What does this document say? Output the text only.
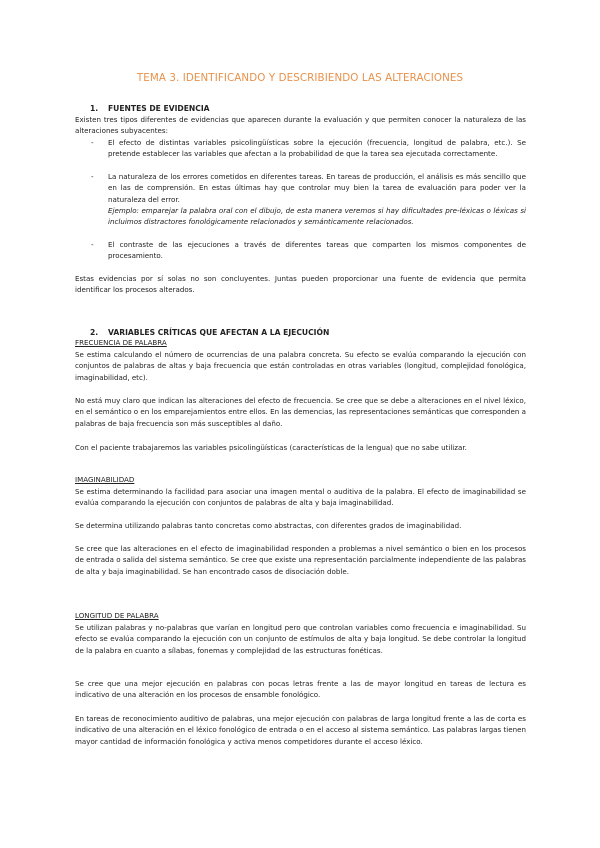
TEMA 3. IDENTIFICANDO Y DESCRIBIENDO LAS ALTERACIONES
1. FUENTES DE EVIDENCIA
Existen tres tipos diferentes de evidencias que aparecen durante la evaluación y que permiten conocer la naturaleza de las alteraciones subyacentes:
- El efecto de distintas variables psicolingüísticas sobre la ejecución (frecuencia, longitud de palabra, etc.). Se pretende establecer las variables que afectan a la probabilidad de que la tarea sea ejecutada correctamente.
- La naturaleza de los errores cometidos en diferentes tareas. En tareas de producción, el análisis es más sencillo que en las de comprensión. En estas últimas hay que controlar muy bien la tarea de evaluación para poder ver la naturaleza del error.
Ejemplo: emparejar la palabra oral con el dibujo, de esta manera veremos si hay dificultades pre-léxicas o léxicas si incluimos distractores fonológicamente relacionados y semánticamente relacionados.
- El contraste de las ejecuciones a través de diferentes tareas que comparten los mismos componentes de procesamiento.
Estas evidencias por sí solas no son concluyentes. Juntas pueden proporcionar una fuente de evidencia que permita identificar los procesos alterados.
2. VARIABLES CRÍTICAS QUE AFECTAN A LA EJECUCIÓN
FRECUENCIA DE PALABRA
Se estima calculando el número de ocurrencias de una palabra concreta. Su efecto se evalúa comparando la ejecución con conjuntos de palabras de altas y baja frecuencia que están controladas en otras variables (longitud, complejidad fonológica, imaginabilidad, etc).
No está muy claro que indican las alteraciones del efecto de frecuencia. Se cree que se debe a alteraciones en el nivel léxico, en el semántico o en los emparejamientos entre ellos. En las demencias, las representaciones semánticas que corresponden a palabras de baja frecuencia son más susceptibles al daño.
Con el paciente trabajaremos las variables psicolingüísticas (características de la lengua) que no sabe utilizar.
IMAGINABILIDAD
Se estima determinando la facilidad para asociar una imagen mental o auditiva de la palabra. El efecto de imaginabilidad se evalúa comparando la ejecución con conjuntos de palabras de alta y baja imaginabilidad.
Se determina utilizando palabras tanto concretas como abstractas, con diferentes grados de imaginabilidad.
Se cree que las alteraciones en el efecto de imaginabilidad responden a problemas a nivel semántico o bien en los procesos de entrada o salida del sistema semántico. Se cree que existe una representación parcialmente independiente de las palabras de alta y baja imaginabilidad. Se han encontrado casos de disociación doble.
LONGITUD DE PALABRA
Se utilizan palabras y no-palabras que varían en longitud pero que controlan variables como frecuencia e imaginabilidad. Su efecto se evalúa comparando la ejecución con un conjunto de estímulos de alta y baja longitud. Se debe controlar la longitud de la palabra en cuanto a sílabas, fonemas y complejidad de las estructuras fonéticas.
Se cree que una mejor ejecución en palabras con pocas letras frente a las de mayor longitud en tareas de lectura es indicativo de una alteración en los procesos de ensamble fonológico.
En tareas de reconocimiento auditivo de palabras, una mejor ejecución con palabras de larga longitud frente a las de corta es indicativo de una alteración en el léxico fonológico de entrada o en el acceso al sistema semántico. Las palabras largas tienen mayor cantidad de información fonológica y activa menos competidores durante el acceso léxico.
